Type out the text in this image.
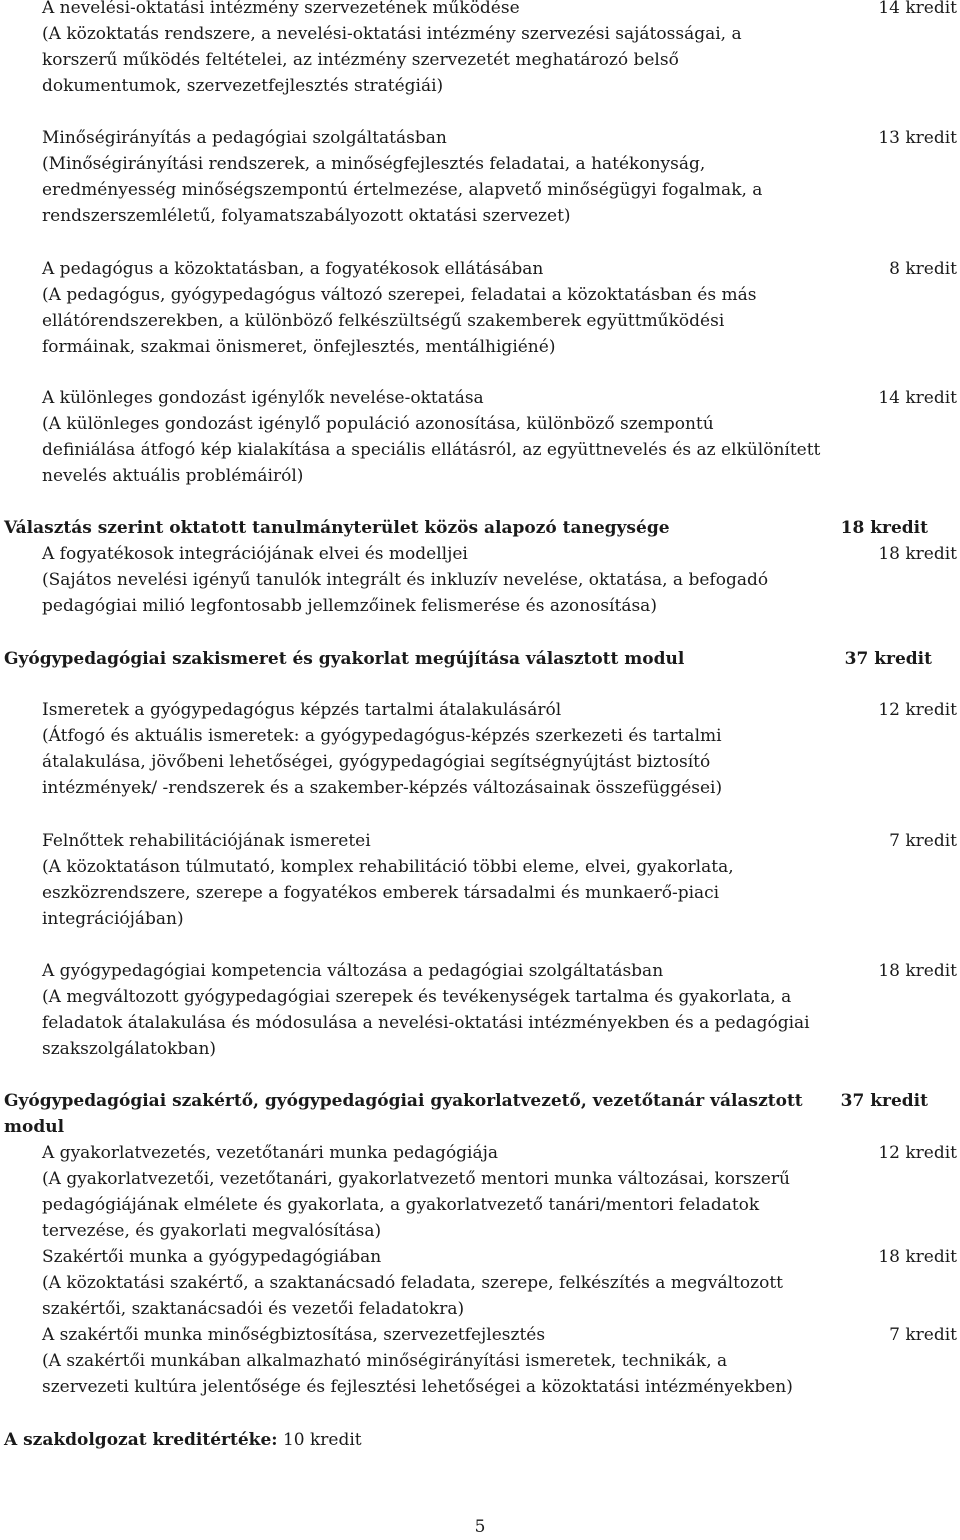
A nevelési-oktatási intézmény szervezetének működése
(A közoktatás rendszere, a nevelési-oktatási intézmény szervezési sajátosságai, a
korszerű működés feltételei, az intézmény szervezetét meghatározó belső
dokumentumok, szervezetfejlesztés stratégiái)
14 kredit
Minőségirányítás a pedagógiai szolgáltatásban
(Minőségirányítási rendszerek, a minőségfejlesztés feladatai, a hatékonyság,
eredményesség minőségszempontú értelmezése, alapvető minőségügyi fogalmak, a
rendszerszemléletű, folyamatszabályozott oktatási szervezet)
13 kredit
A pedagógus a közoktatásban, a fogyatékosok ellátásában
(A pedagógus, gyógypedagógus változó szerepei, feladatai a közoktatásban és más
ellátórendszerekben, a különböző felkészültségű szakemberek együttműködési
formáinak, szakmai önismeret, önfejlesztés, mentálhigiéné)
8 kredit
A különleges gondozást igénylők nevelése-oktatása
(A különleges gondozást igénylő populáció azonosítása, különböző szempontú
definiálása átfogó kép kialakítása a speciális ellátásról, az együttnevelés és az elkülönített
nevelés aktuális problémáiról)
14 kredit
Választás szerint oktatott tanulmányterület közös alapozó tanegysége	18 kredit
A fogyatékosok integrációjának elvei és modelljei
(Sajátos nevelési igényű tanulók integrált és inkluzív nevelése, oktatása, a befogadó
pedagógiai milió legfontosabb jellemzőinek felismerése és azonosítása)
18 kredit
Gyógypedagógiai szakismeret és gyakorlat megújítása választott modul	37 kredit
Ismeretek a gyógypedagógus képzés tartalmi átalakulásáról
(Átfogó és aktuális ismeretek: a gyógypedagógus-képzés szerkezeti és tartalmi
átalakulása, jövőbeni lehetőségei, gyógypedagógiai segítségnyújtást biztosító
intézmények/ -rendszerek és a szakember-képzés változásainak összefüggései)
12 kredit
Felnőttek rehabilitációjának ismeretei
(A közoktatáson túlmutató, komplex rehabilitáció többi eleme, elvei, gyakorlata,
eszközrendszere, szerepe a fogyatékos emberek társadalmi és munkaerő-piaci
integrációjában)
7 kredit
A gyógypedagógiai kompetencia változása a pedagógiai szolgáltatásban
(A megváltozott gyógypedagógiai szerepek és tevékenységek tartalma és gyakorlata, a
feladatok átalakulása és módosulása a nevelési-oktatási intézményekben és a pedagógiai
szakszolgálatokban)
18 kredit
Gyógypedagógiai szakértő, gyógypedagógiai gyakorlatvezető, vezetőtanár választott
modul
37 kredit
A gyakorlatvezetés, vezetőtanári munka pedagógiája
(A gyakorlatvezetői, vezetőtanári, gyakorlatvezető mentori munka változásai, korszerű
pedagógiájának elmélete és gyakorlata, a gyakorlatvezető tanári/mentori feladatok
tervezése, és gyakorlati megvalósítása)
12 kredit
Szakértői munka a gyógypedagógiában
(A közoktatási szakértő, a szaktanácsadó feladata, szerepe, felkészítés a megváltozott
szakértői, szaktanácsadói és vezetői feladatokra)
18 kredit
A szakértői munka minőségbiztosítása, szervezetfejlesztés
(A szakértői munkában alkalmazható minőségirányítási ismeretek, technikák, a
szervezeti kultúra jelentősége és fejlesztési lehetőségei a közoktatási intézményekben)
7 kredit
A szakdolgozat kreditértéke: 10 kredit
5
